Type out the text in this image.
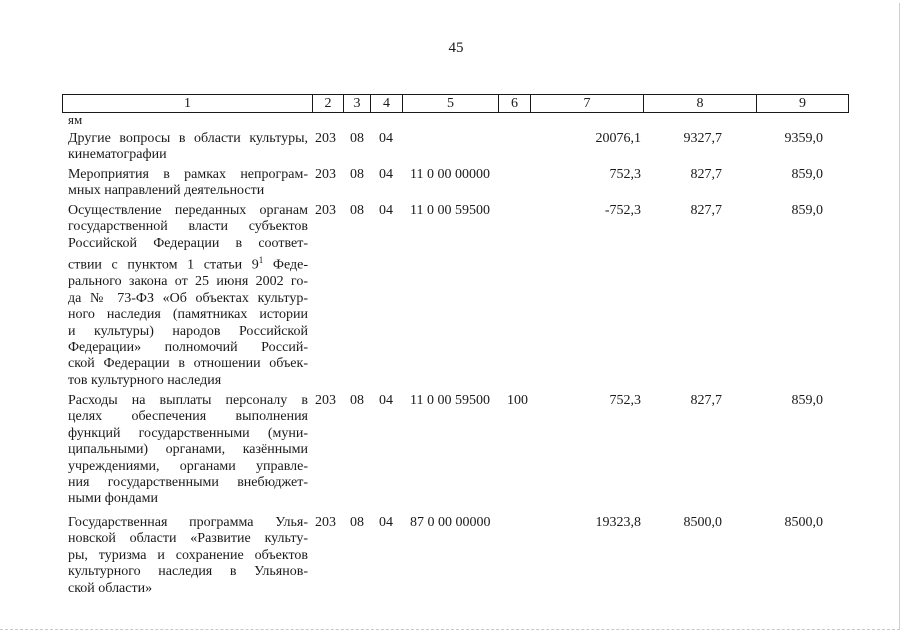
45
1	2	3	4	5	6	7	8	9
ям
Другие вопросы в области культуры,
кинематографии
203 08 04	20076,1	9327,7	9359,0
Мероприятия в рамках непрограм-
мных направлений деятельности
203 08 04 11 0 00 00000	752,3	827,7	859,0
Осуществление переданных органам
государственной власти субъектов
Российской Федерации в соответ-
ствии с пунктом 1 статьи $9^1$ Феде-
рального закона от 25 июня 2002 го-
да № 73-ФЗ «Об объектах культур-
ного наследия (памятниках истории
и культуры) народов Российской
Федерации» полномочий Россий-
ской Федерации в отношении объек-
тов культурного наследия
203 08 04 11 0 00 59500	-752,3	827,7	859,0
Расходы на выплаты персоналу в
целях обеспечения выполнения
функций государственными (муни-
ципальными) органами, казёнными
учреждениями, органами управле-
ния государственными внебюджет-
ными фондами
203 08 04 11 0 00 59500 100	752,3	827,7	859,0
Государственная программа Улья-
новской области «Развитие культу-
ры, туризма и сохранение объектов
культурного наследия в Ульянов-
ской области»
203 08 04 87 0 00 00000	19323,8	8500,0	8500,0
